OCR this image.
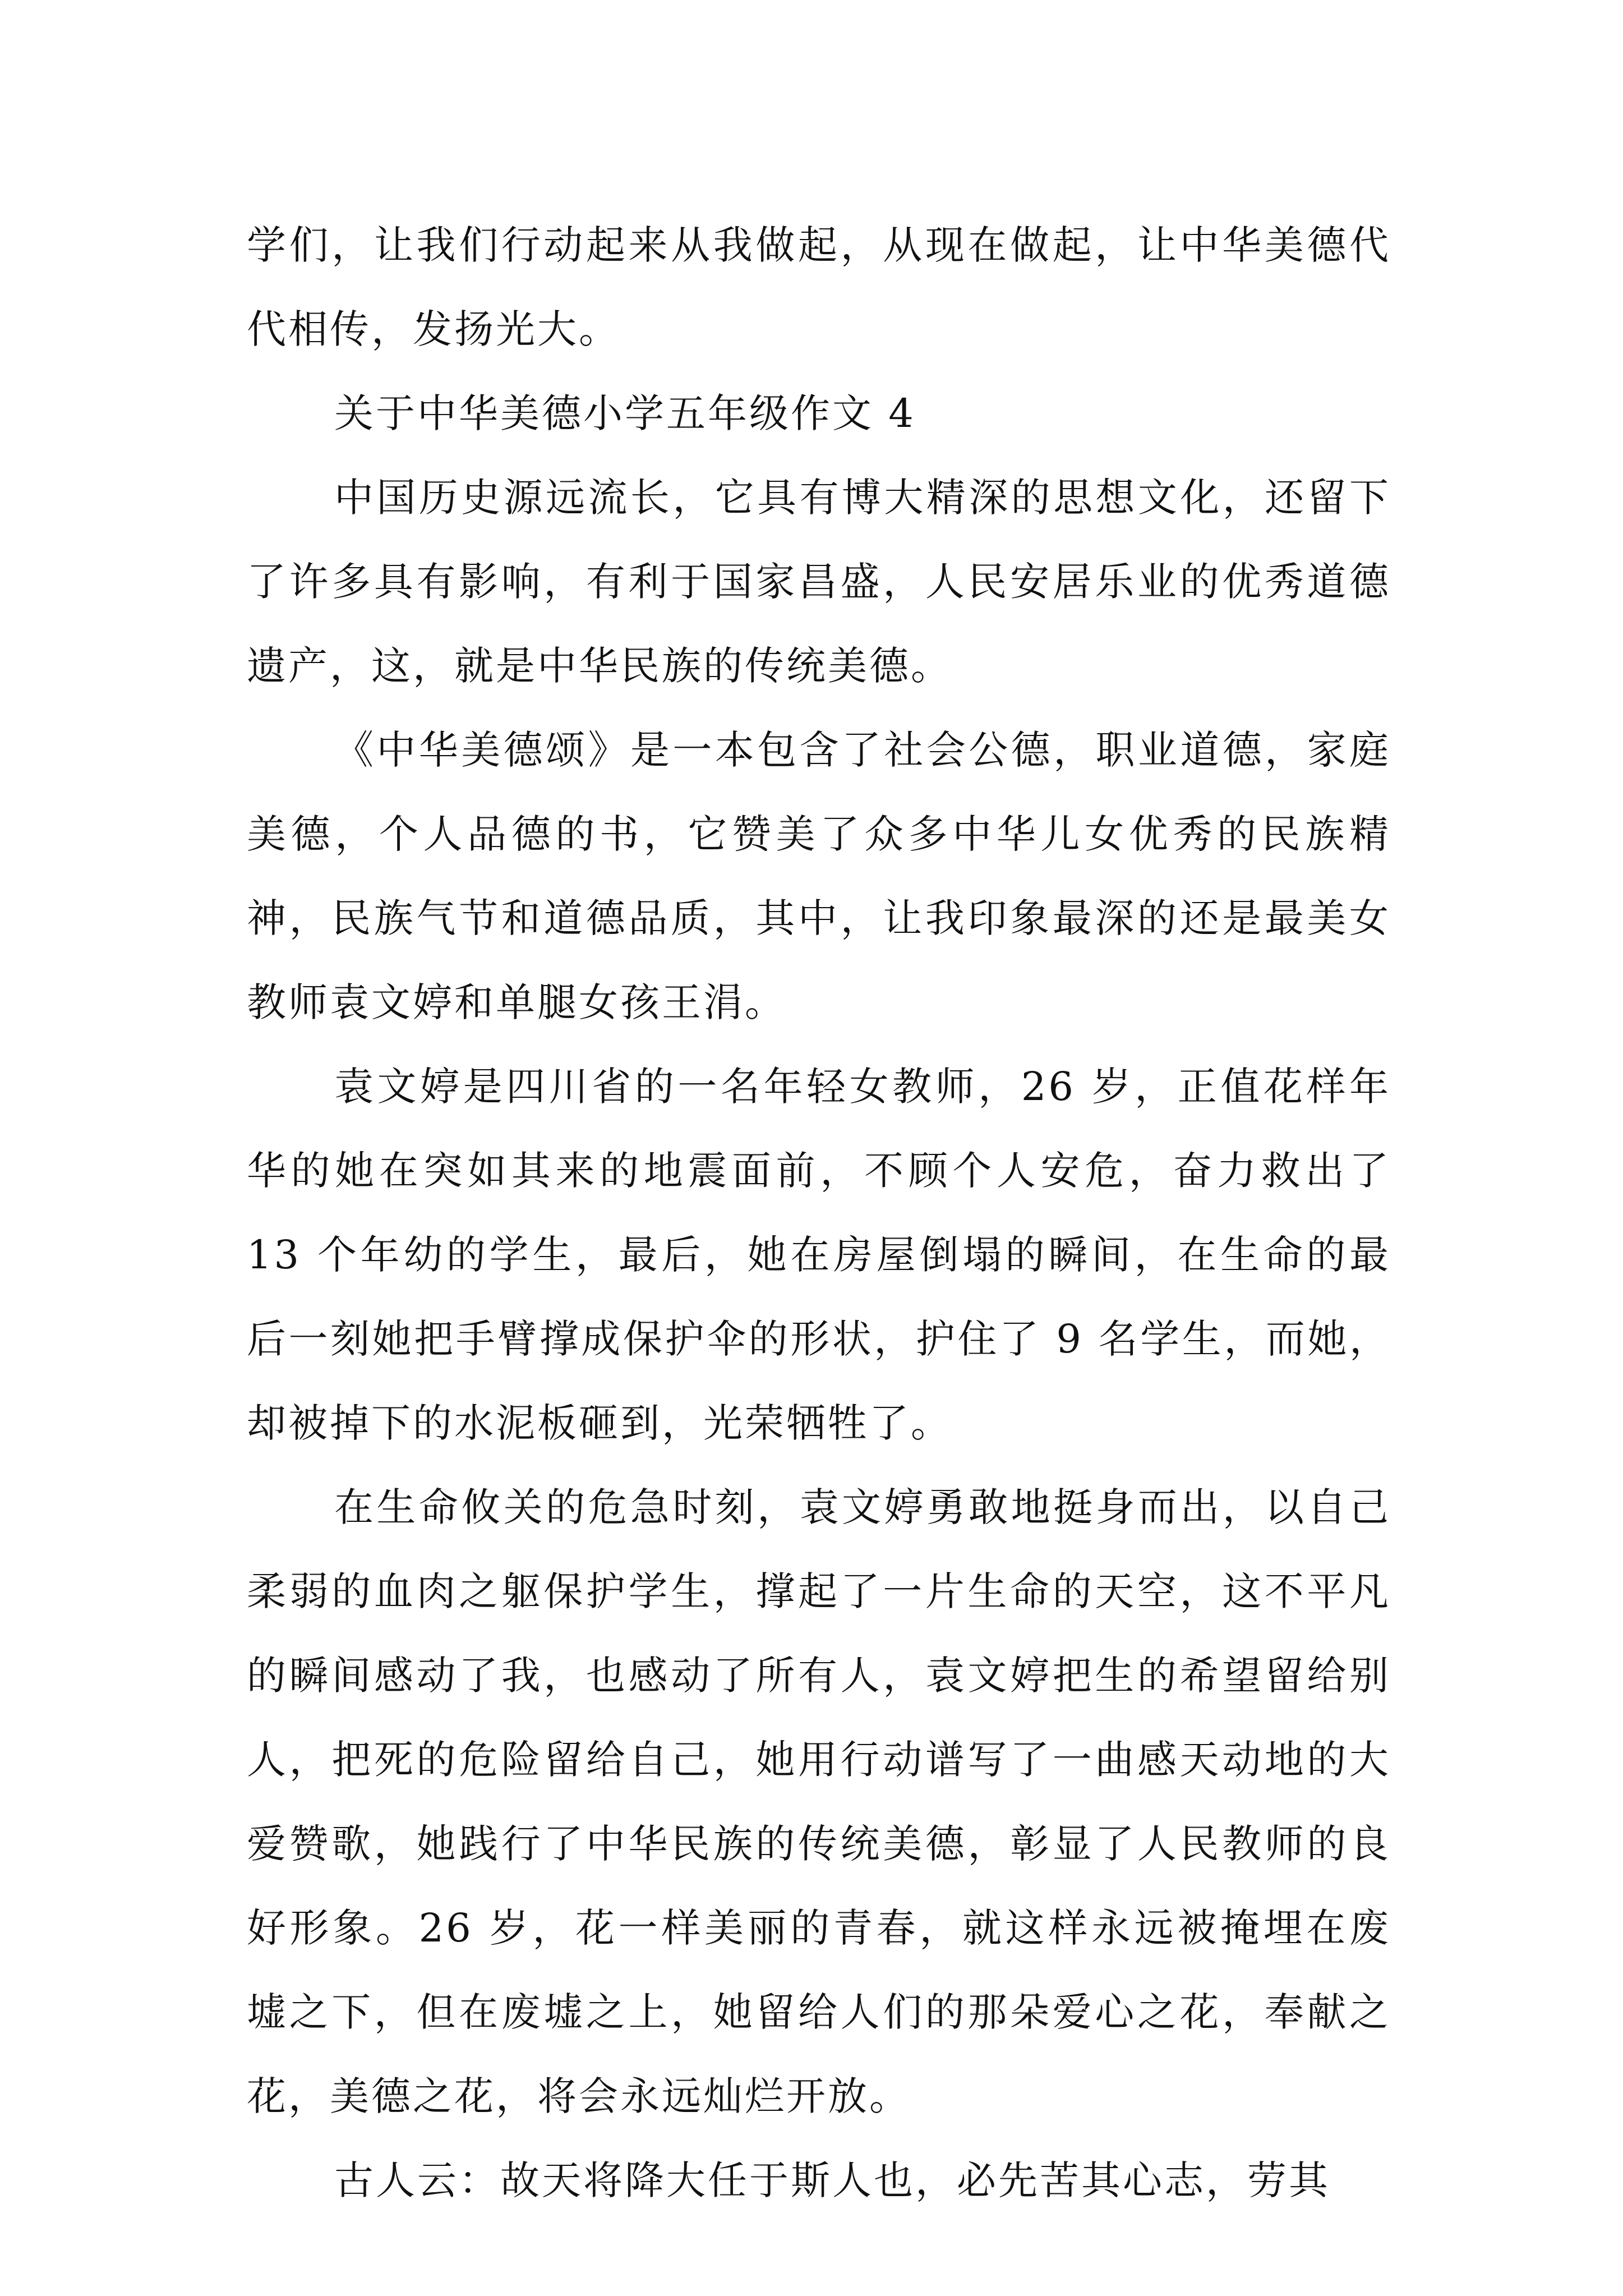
学们，让我们行动起来从我做起，从现在做起，让中华美德代代相传，发扬光大。

关于中华美德小学五年级作文 4

中国历史源远流长，它具有博大精深的思想文化，还留下了许多具有影响，有利于国家昌盛，人民安居乐业的优秀道德遗产，这，就是中华民族的传统美德。

《中华美德颂》是一本包含了社会公德，职业道德，家庭美德，个人品德的书，它赞美了众多中华儿女优秀的民族精神，民族气节和道德品质，其中，让我印象最深的还是最美女教师袁文婷和单腿女孩王涓。

袁文婷是四川省的一名年轻女教师，26 岁，正值花样年华的她在突如其来的地震面前，不顾个人安危，奋力救出了 13 个年幼的学生，最后，她在房屋倒塌的瞬间，在生命的最后一刻她把手臂撑成保护伞的形状，护住了 9 名学生，而她，却被掉下的水泥板砸到，光荣牺牲了。

在生命攸关的危急时刻，袁文婷勇敢地挺身而出，以自己柔弱的血肉之躯保护学生，撑起了一片生命的天空，这不平凡的瞬间感动了我，也感动了所有人，袁文婷把生的希望留给别人，把死的危险留给自己，她用行动谱写了一曲感天动地的大爱赞歌，她践行了中华民族的传统美德，彰显了人民教师的良好形象。26 岁，花一样美丽的青春，就这样永远被掩埋在废墟之下，但在废墟之上，她留给人们的那朵爱心之花，奉献之花，美德之花，将会永远灿烂开放。

古人云：故天将降大任于斯人也，必先苦其心志，劳其
